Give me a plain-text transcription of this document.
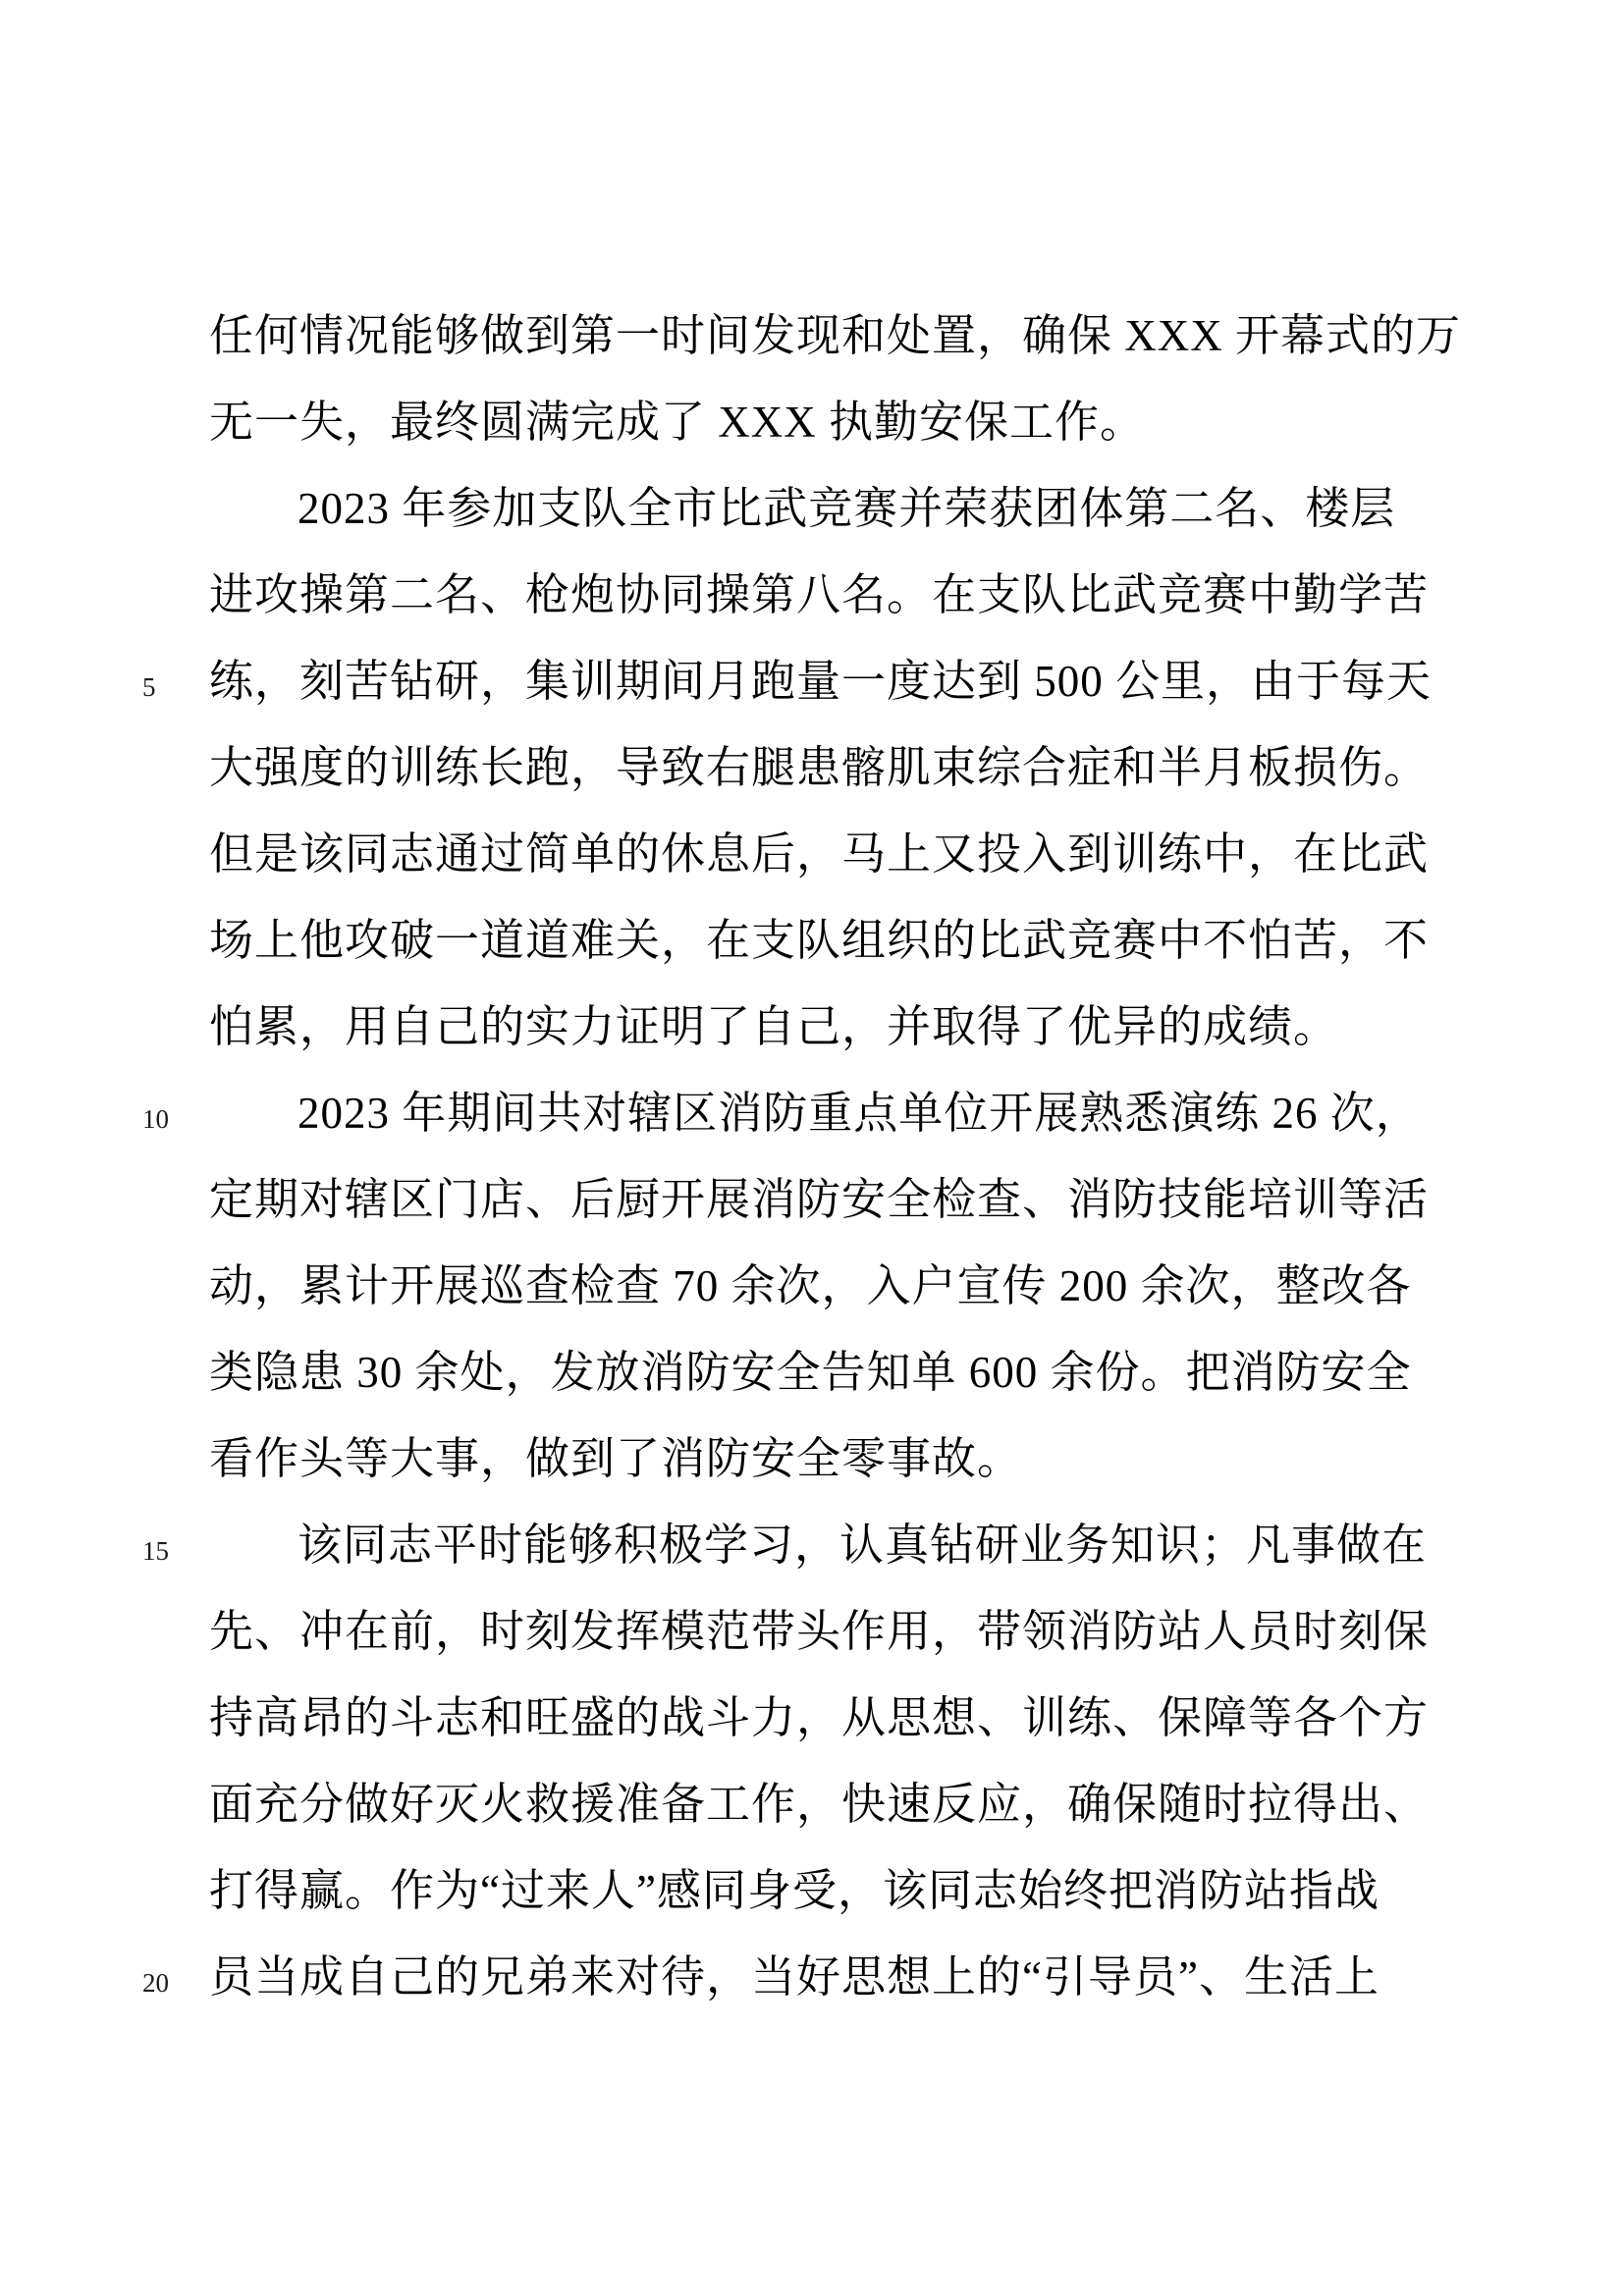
任何情况能够做到第一时间发现和处置，确保 XXX 开幕式的万
无一失，最终圆满完成了 XXX 执勤安保工作。
2023 年参加支队全市比武竞赛并荣获团体第二名、楼层
进攻操第二名、枪炮协同操第八名。在支队比武竞赛中勤学苦
5	练，刻苦钻研，集训期间月跑量一度达到 500 公里，由于每天
大强度的训练长跑，导致右腿患髂肌束综合症和半月板损伤。
但是该同志通过简单的休息后，马上又投入到训练中，在比武
场上他攻破一道道难关，在支队组织的比武竞赛中不怕苦，不
怕累，用自己的实力证明了自己，并取得了优异的成绩。
10	2023 年期间共对辖区消防重点单位开展熟悉演练 26 次，
定期对辖区门店、后厨开展消防安全检查、消防技能培训等活
动，累计开展巡查检查 70 余次，入户宣传 200 余次，整改各
类隐患 30 余处，发放消防安全告知单 600 余份。把消防安全
看作头等大事，做到了消防安全零事故。
15	该同志平时能够积极学习，认真钻研业务知识；凡事做在
先、冲在前，时刻发挥模范带头作用，带领消防站人员时刻保
持高昂的斗志和旺盛的战斗力，从思想、训练、保障等各个方
面充分做好灭火救援准备工作，快速反应，确保随时拉得出、
打得赢。作为“过来人”感同身受，该同志始终把消防站指战
20 员当成自己的兄弟来对待，当好思想上的“引导员”、生活上
